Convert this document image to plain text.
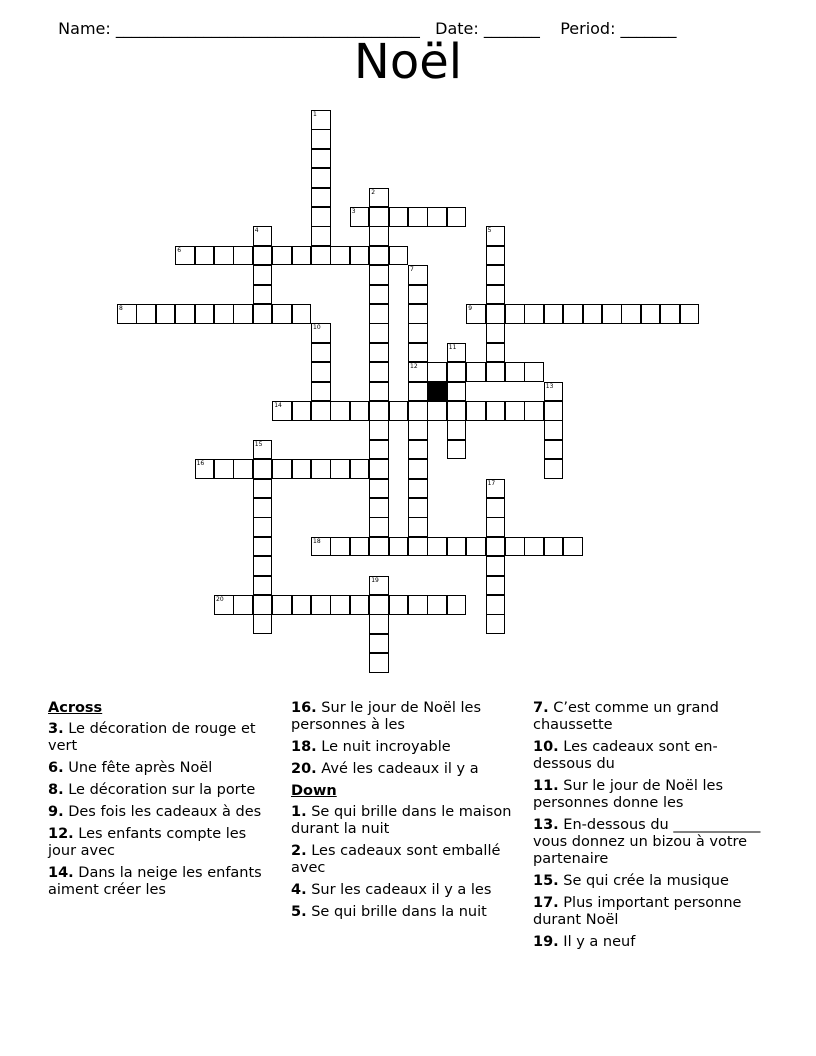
Name: ______________________________________ Date: _______ Period: _______

Noël
1
2
3
4	5
6
7
8	9
10
11
12
13
14
15
16
17
18
19
20
Across
3. Le décoration de rouge et vert
6. Une fête après Noël
8. Le décoration sur la porte
9. Des fois les cadeaux à des
12. Les enfants compte les jour avec
14. Dans la neige les enfants aiment créer les
16. Sur le jour de Noël les personnes à les
18. Le nuit incroyable
20. Avé les cadeaux il y a
Down
1. Se qui brille dans le maison durant la nuit
2. Les cadeaux sont emballé avec
4. Sur les cadeaux il y a les
5. Se qui brille dans la nuit
7. C’est comme un grand chaussette
10. Les cadeaux sont en-dessous du
11. Sur le jour de Noël les personnes donne les
13. En-dessous du ____________ vous donnez un bizou à votre partenaire
15. Se qui crée la musique
17. Plus important personne durant Noël
19. Il y a neuf
